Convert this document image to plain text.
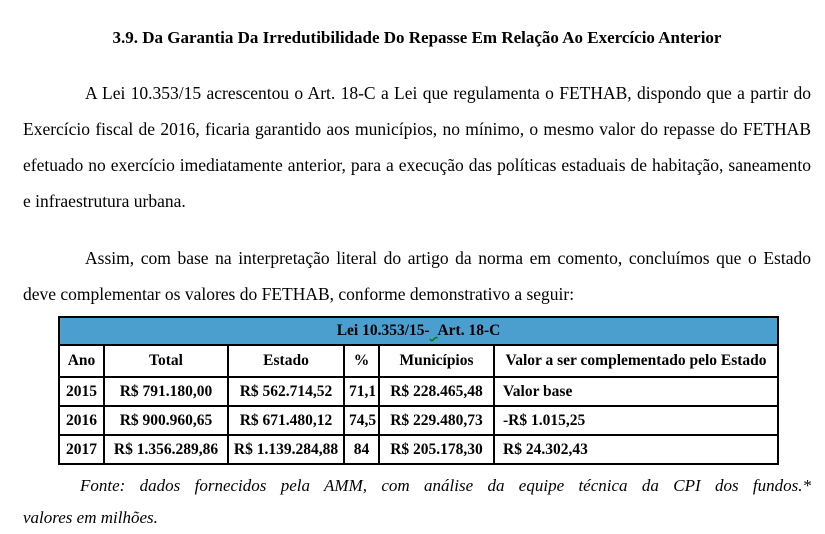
3.9. Da Garantia Da Irredutibilidade Do Repasse Em Relação Ao Exercício Anterior

A Lei 10.353/15 acrescentou o Art. 18-C a Lei que regulamenta o FETHAB, dispondo que a partir do Exercício fiscal de 2016, ficaria garantido aos municípios, no mínimo, o mesmo valor do repasse do FETHAB efetuado no exercício imediatamente anterior, para a execução das políticas estaduais de habitação, saneamento e infraestrutura urbana.

Assim, com base na interpretação literal do artigo da norma em comento, concluímos que o Estado deve complementar os valores do FETHAB, conforme demonstrativo a seguir:

Lei 10.353/15- Art. 18-C					
Ano	Total	Estado	%	Municípios	Valor a ser complementado pelo Estado
2015	R$ 791.180,00	R$ 562.714,52	71,1	R$ 228.465,48	Valor base
2016	R$ 900.960,65	R$ 671.480,12	74,5	R$ 229.480,73	-R$ 1.015,25
2017	R$ 1.356.289,86	R$ 1.139.284,88	84	R$ 205.178,30	R$ 24.302,43

Fonte: dados fornecidos pela AMM, com análise da equipe técnica da CPI dos fundos.*

valores em milhões.
